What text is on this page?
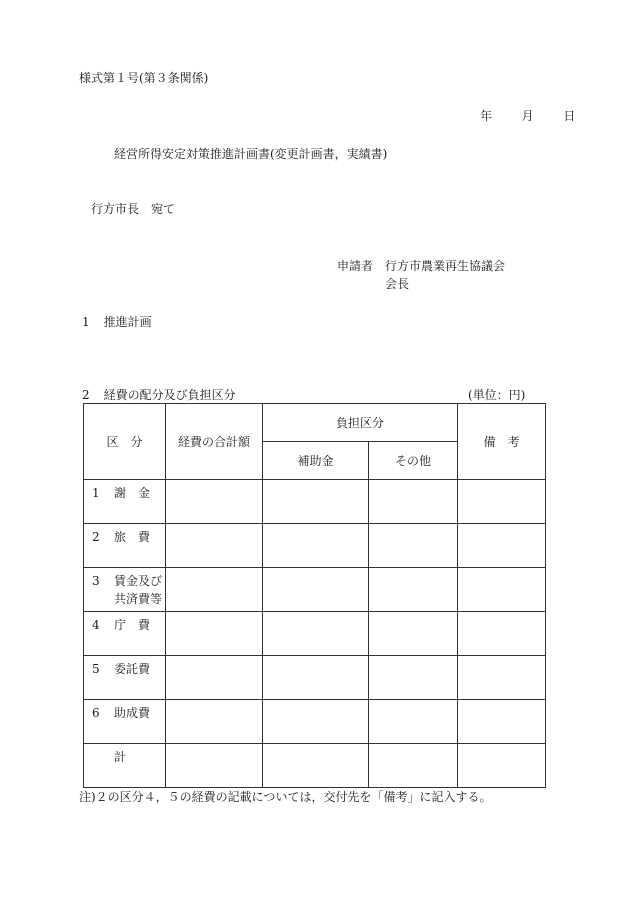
様式第１号(第３条関係)
年 月 日
経営所得安定対策推進計画書(変更計画書，実績書)
行方市長　宛て
申請者 行方市農業再生協議会
会長
1 推進計画
2 経費の配分及び負担区分	(単位：円)
区　分	経費の合計額	負担区分		備　考
		補助金	その他	
1 謝　金				
2 旅　費				
3 賃金及び
共済費等				
4 庁　費				
5 委託費				
6 助成費				
計				
注)２の区分４，５の経費の記載については，交付先を「備考」に記入する。
